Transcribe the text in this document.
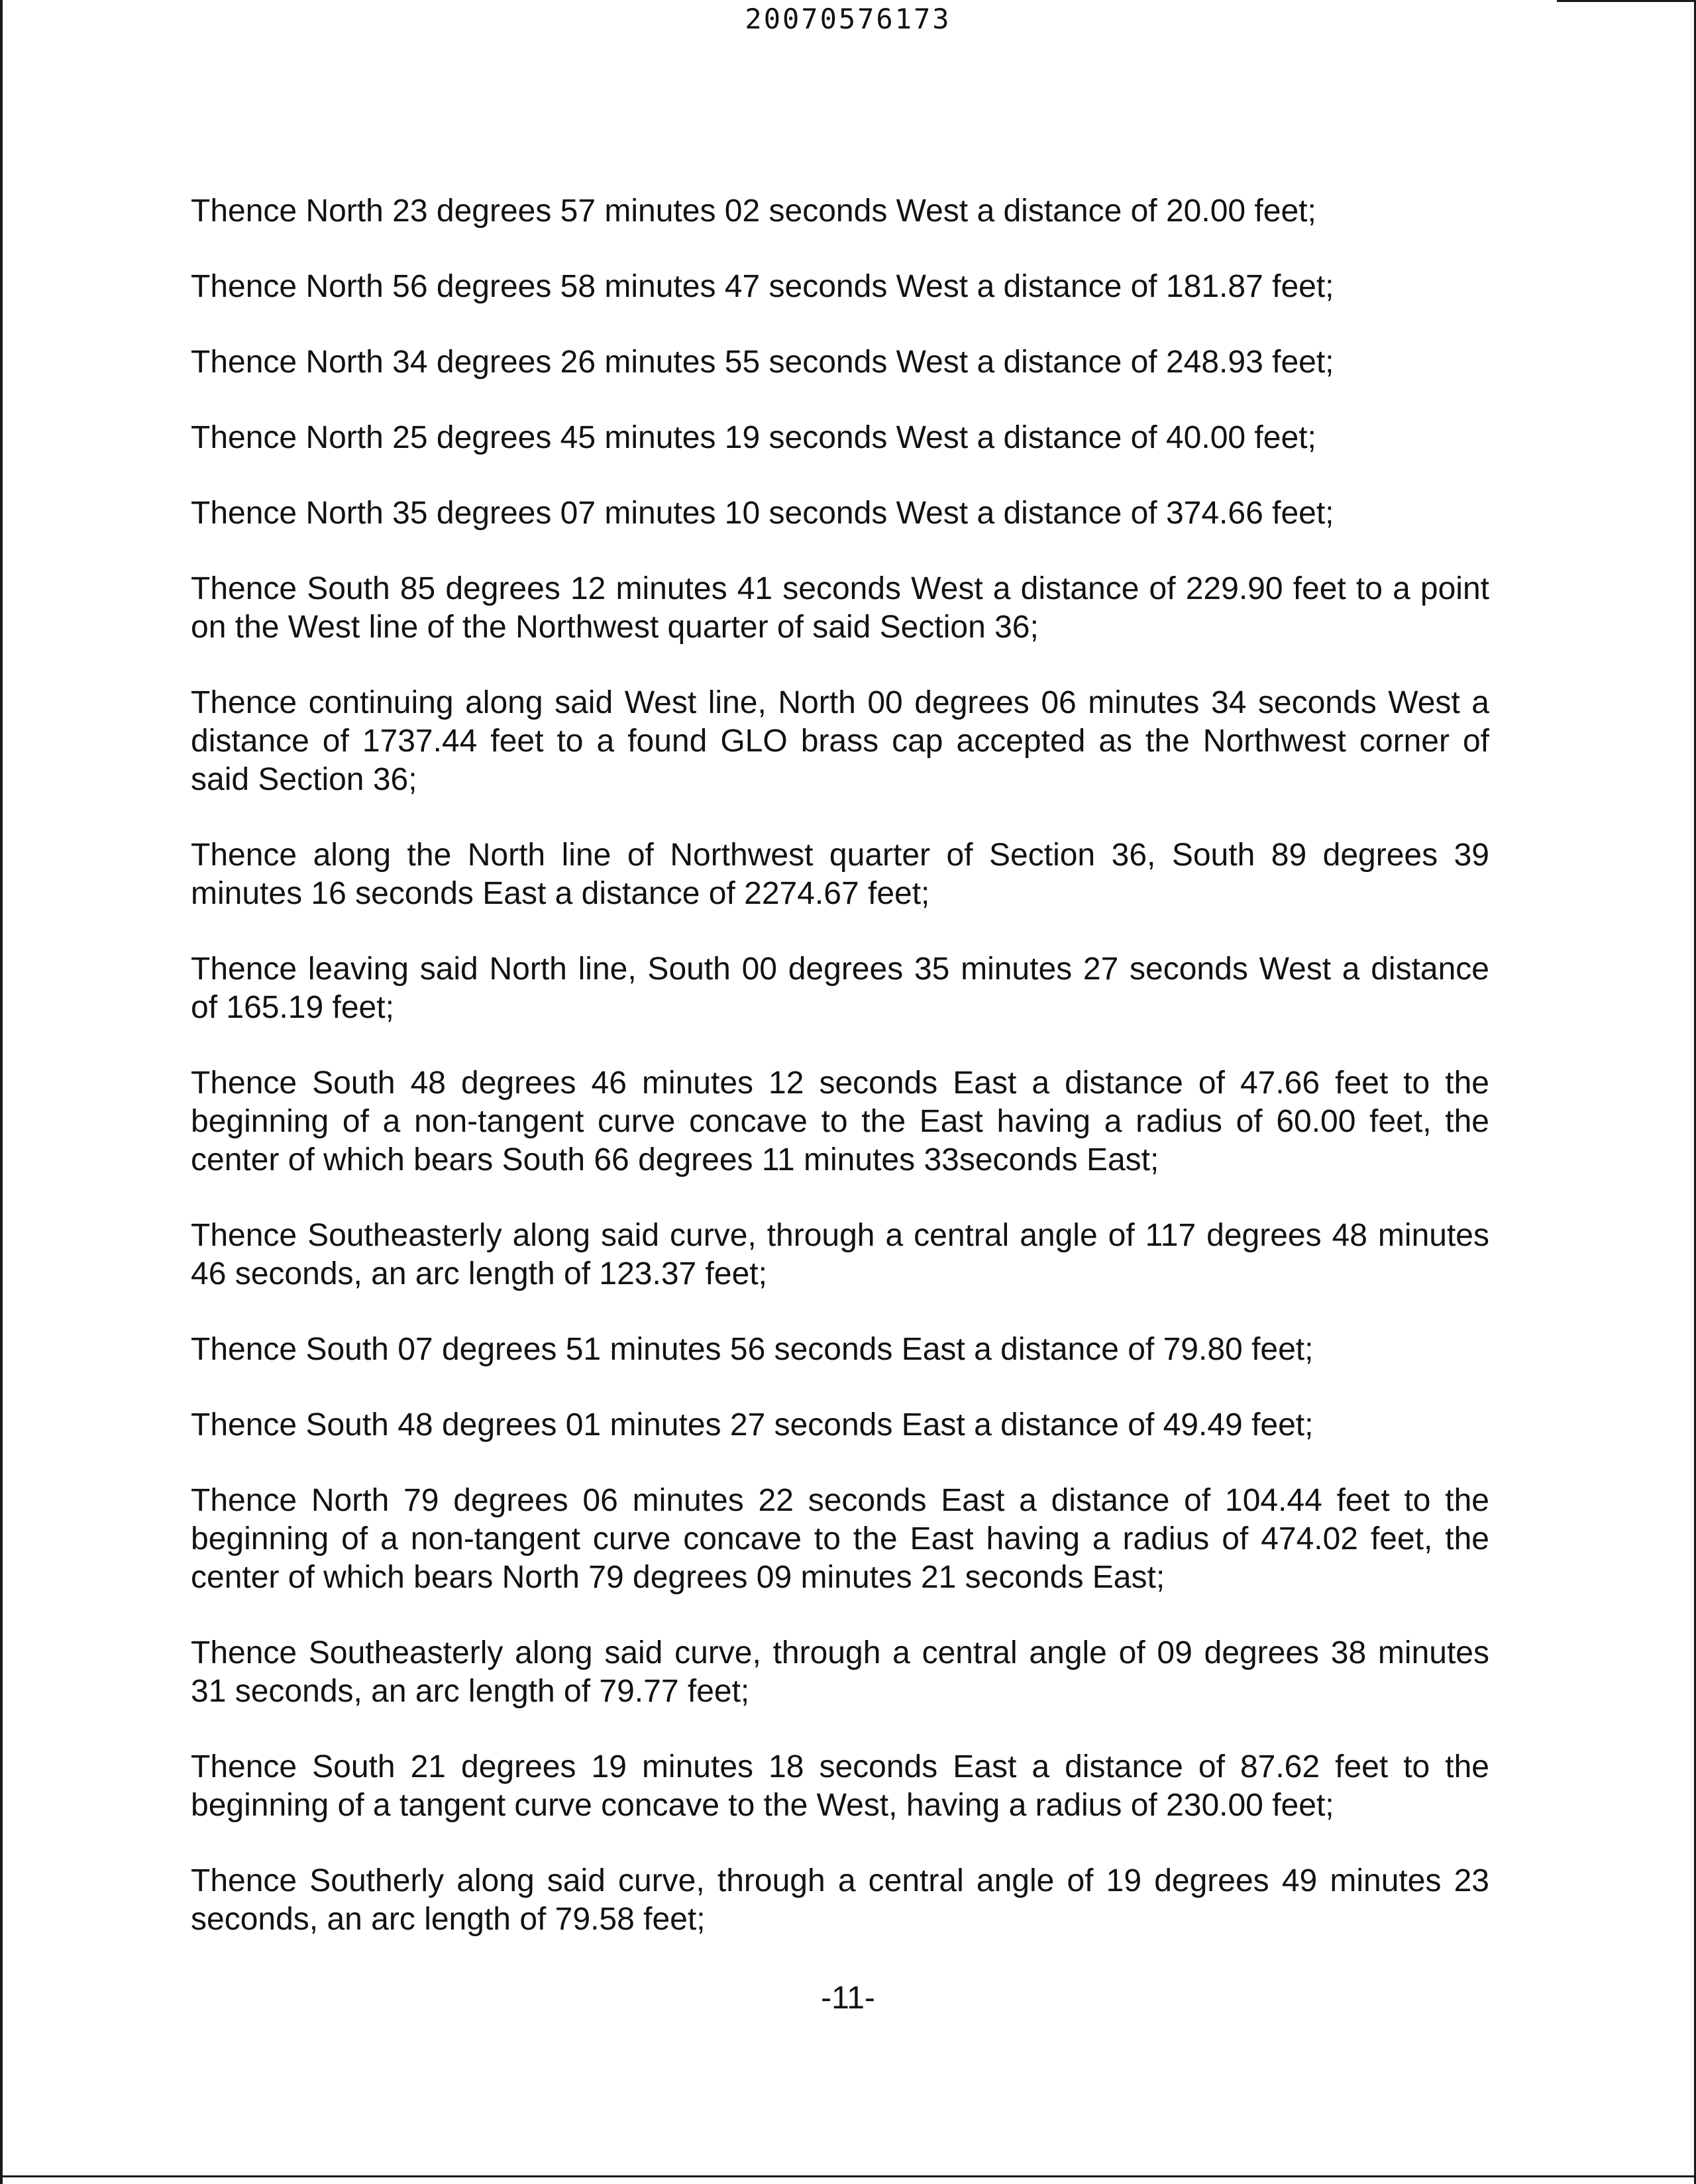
20070576173

Thence North 23 degrees 57 minutes 02 seconds West a distance of 20.00 feet;

Thence North 56 degrees 58 minutes 47 seconds West a distance of 181.87 feet;

Thence North 34 degrees 26 minutes 55 seconds West a distance of 248.93 feet;

Thence North 25 degrees 45 minutes 19 seconds West a distance of 40.00 feet;

Thence North 35 degrees 07 minutes 10 seconds West a distance of 374.66 feet;

Thence South 85 degrees 12 minutes 41 seconds West a distance of 229.90 feet to a point on the West line of the Northwest quarter of said Section 36;

Thence continuing along said West line, North 00 degrees 06 minutes 34 seconds West a distance of 1737.44 feet to a found GLO brass cap accepted as the Northwest corner of said Section 36;

Thence along the North line of Northwest quarter of Section 36, South 89 degrees 39 minutes 16 seconds East a distance of 2274.67 feet;

Thence leaving said North line, South 00 degrees 35 minutes 27 seconds West a distance of 165.19 feet;

Thence South 48 degrees 46 minutes 12 seconds East a distance of 47.66 feet to the beginning of a non-tangent curve concave to the East having a radius of 60.00 feet, the center of which bears South 66 degrees 11 minutes 33seconds East;

Thence Southeasterly along said curve, through a central angle of 117 degrees 48 minutes 46 seconds, an arc length of 123.37 feet;

Thence South 07 degrees 51 minutes 56 seconds East a distance of 79.80 feet;

Thence South 48 degrees 01 minutes 27 seconds East a distance of 49.49 feet;

Thence North 79 degrees 06 minutes 22 seconds East a distance of 104.44 feet to the beginning of a non-tangent curve concave to the East having a radius of 474.02 feet, the center of which bears North 79 degrees 09 minutes 21 seconds East;

Thence Southeasterly along said curve, through a central angle of 09 degrees 38 minutes 31 seconds, an arc length of 79.77 feet;

Thence South 21 degrees 19 minutes 18 seconds East a distance of 87.62 feet to the beginning of a tangent curve concave to the West, having a radius of 230.00 feet;

Thence Southerly along said curve, through a central angle of 19 degrees 49 minutes 23 seconds, an arc length of 79.58 feet;

-11-
